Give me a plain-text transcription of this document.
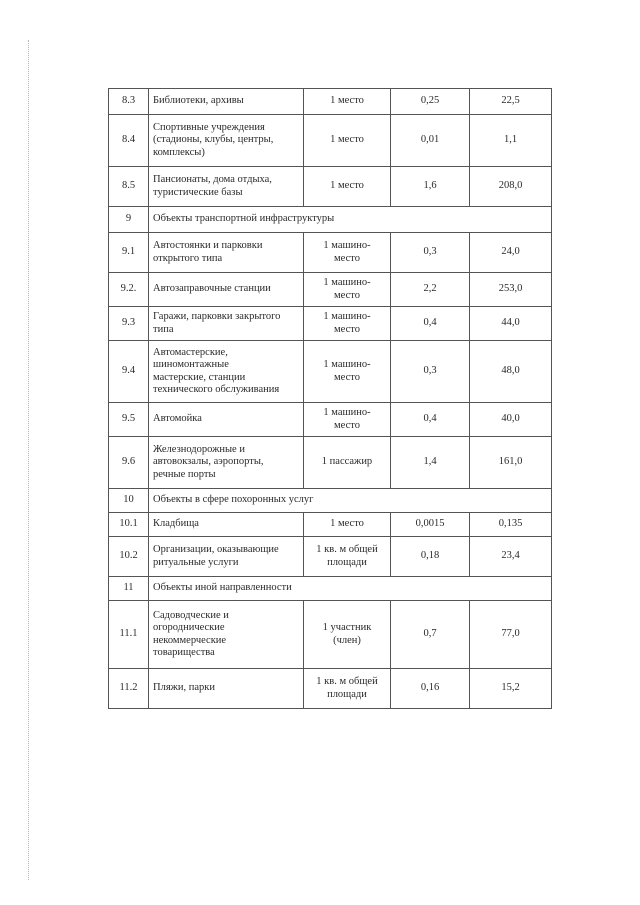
8.3	Библиотеки, архивы	1 место	0,25	22,5
8.4	Спортивные учреждения
(стадионы, клубы, центры,
комплексы)	1 место	0,01	1,1
8.5	Пансионаты, дома отдыха,
туристические базы	1 место	1,6	208,0
9	Объекты транспортной инфраструктуры			
9.1	Автостоянки и парковки
открытого типа	1 машино-
место	0,3	24,0
9.2.	Автозаправочные станции	1 машино-
место	2,2	253,0
9.3	Гаражи, парковки закрытого
типа	1 машино-
место	0,4	44,0
9.4	Автомастерские,
шиномонтажные
мастерские, станции
технического обслуживания	1 машино-
место	0,3	48,0
9.5	Автомойка	1 машино-
место	0,4	40,0
9.6	Железнодорожные и
автовокзалы, аэропорты,
речные порты	1 пассажир	1,4	161,0
10	Объекты в сфере похоронных услуг			
10.1	Кладбища	1 место	0,0015	0,135
10.2	Организации, оказывающие
ритуальные услуги	1 кв. м общей
площади	0,18	23,4
11	Объекты иной направленности			
11.1	Садоводческие и
огороднические
некоммерческие
товарищества	1 участник
(член)	0,7	77,0
11.2	Пляжи, парки	1 кв. м общей
площади	0,16	15,2
